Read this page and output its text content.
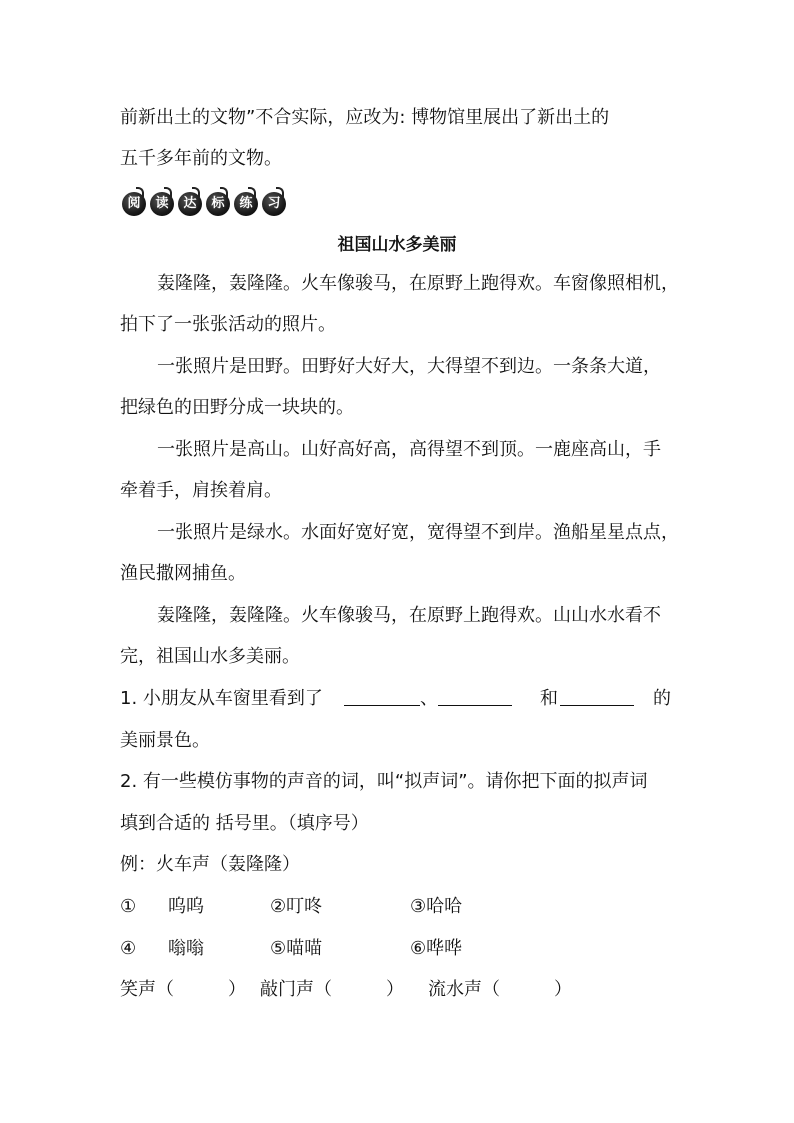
前新出土的文物”不合实际，应改为: 博物馆里展出了新出土的
五千多年前的文物。
阅	读	达	标	练	习
祖国山水多美丽
轰隆隆，轰隆隆。火车像骏马，在原野上跑得欢。车窗像照相机，
拍下了一张张活动的照片。
一张照片是田野。田野好大好大，大得望不到边。一条条大道，
把绿色的田野分成一块块的。
一张照片是高山。山好高好高，高得望不到顶。一鹿座高山，手
牵着手，肩挨着肩。
一张照片是绿水。水面好宽好宽，宽得望不到岸。渔船星星点点，
渔民撒网捕鱼。
轰隆隆，轰隆隆。火车像骏马，在原野上跑得欢。山山水水看不
完，祖国山水多美丽。
1. 小朋友从车窗里看到了	、	和	的
美丽景色。
2. 有一些模仿事物的声音的词，叫“拟声词”。请你把下面的拟声词
填到合适的 括号里。（填序号）
例：火车声（轰隆隆）
① 呜呜	②叮咚	③哈哈
④ 嗡嗡	⑤喵喵	⑥哗哗
笑声（　　　） 敲门声（　　　） 流水声（　　　）
